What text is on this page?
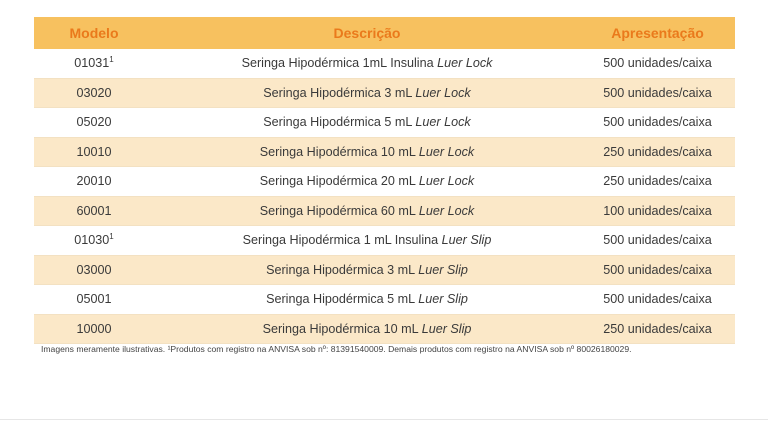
Modelo	Descrição	Apresentação
01031$^1$	Seringa Hipodérmica 1mL Insulina Luer Lock	500 unidades/caixa
03020	Seringa Hipodérmica 3 mL Luer Lock	500 unidades/caixa
05020	Seringa Hipodérmica 5 mL Luer Lock	500 unidades/caixa
10010	Seringa Hipodérmica 10 mL Luer Lock	250 unidades/caixa
20010	Seringa Hipodérmica 20 mL Luer Lock	250 unidades/caixa
60001	Seringa Hipodérmica 60 mL Luer Lock	100 unidades/caixa
01030$^1$	Seringa Hipodérmica 1 mL Insulina Luer Slip	500 unidades/caixa
03000	Seringa Hipodérmica 3 mL Luer Slip	500 unidades/caixa
05001	Seringa Hipodérmica 5 mL Luer Slip	500 unidades/caixa
10000	Seringa Hipodérmica 10 mL Luer Slip	250 unidades/caixa
Imagens meramente ilustrativas. ¹Produtos com registro na ANVISA sob nº: 81391540009. Demais produtos com registro na ANVISA sob nº 80026180029.
